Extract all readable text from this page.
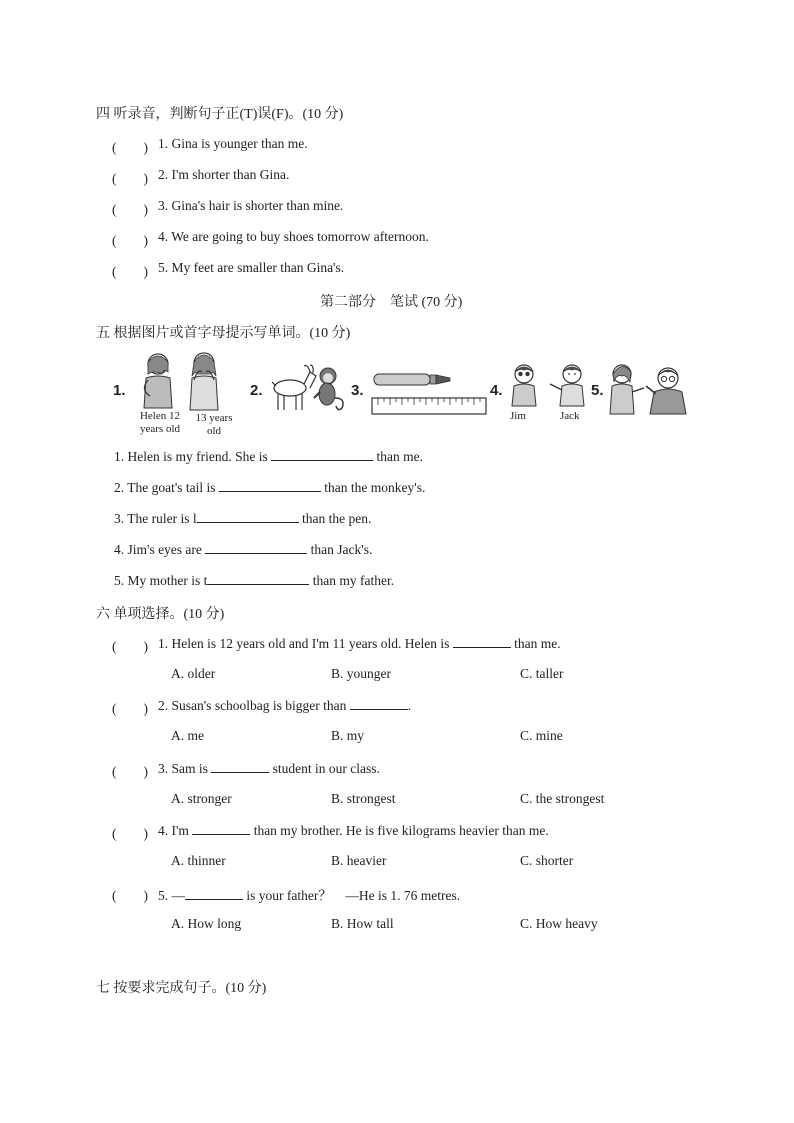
四 听录音，判断句子正(T)误(F)。(10 分)
(　　) 1. Gina is younger than me.
(　　) 2. I'm shorter than Gina.
(　　) 3. Gina's hair is shorter than mine.
(　　) 4. We are going to buy shoes tomorrow afternoon.
(　　) 5. My feet are smaller than Gina's.
第二部分　笔试 (70 分)
五 根据图片或首字母提示写单词。(10 分)
1.
Helen 12 years old
13 years old
2.	3.	4.
Jim	Jack
5.
1. Helen is my friend. She is	than me.
2. The goat's tail is	than the monkey's.
3. The ruler is l	than the pen.
4. Jim's eyes are	than Jack's.
5. My mother is t	than my father.
六 单项选择。(10 分)
(　　) 1. Helen is 12 years old and I'm 11 years old. Helen is	than me.
A. older	B. younger	C. taller
(　　) 2. Susan's schoolbag is bigger than	.
A. me	B. my	C. mine
(　　) 3. Sam is	student in our class.
A. stronger	B. strongest	C. the strongest
(　　) 4. I'm	than my brother. He is five kilograms heavier than me.
A. thinner	B. heavier	C. shorter
(　　) 5. —	is your father？　—He is 1. 76 metres.
A. How long	B. How tall	C. How heavy
七 按要求完成句子。(10 分)
